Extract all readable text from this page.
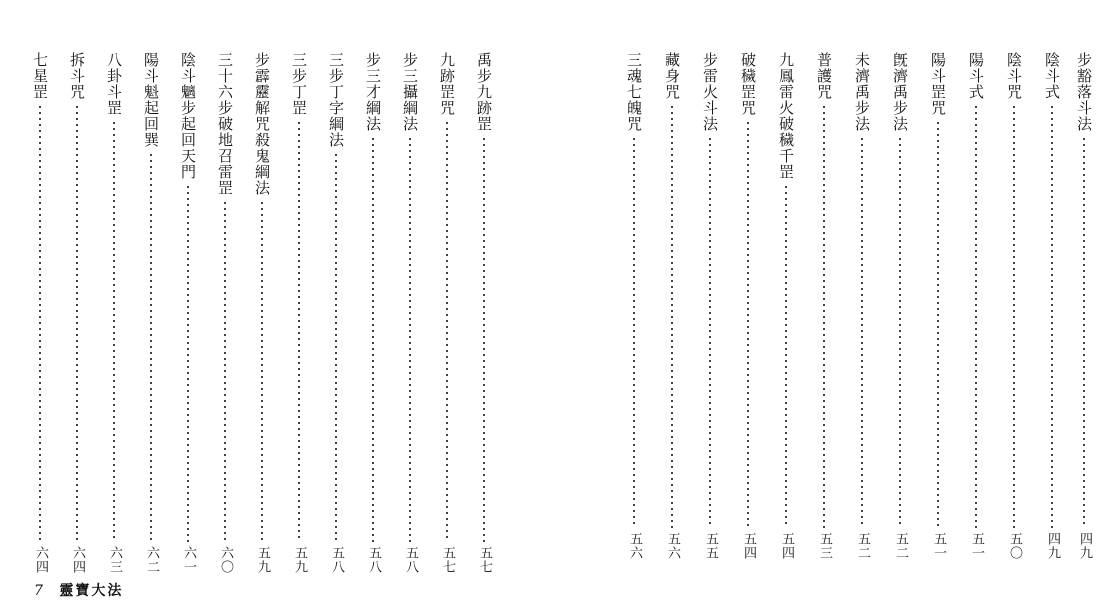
七星罡
六四
拆斗咒
六四
八卦斗罡
六三
陽斗魁起回巽
六二
陰斗魑步起回天門
六一
三十六步破地召雷罡
六〇
步霹靂解咒殺鬼綱法
五九
三步丁罡
五九
三步丁字綱法
五八
步三才綱法
五八
步三攝綱法
五八
九跡罡咒
五七
禹步九跡罡
五七
7 靈寶大法
三魂七魄咒
五六
藏身咒
五六
步雷火斗法
五五
破穢罡咒
五四
九鳳雷火破穢千罡
五四
普護咒
五三
未濟禹步法
五二
旣濟禹步法
五二
陽斗罡咒
五一
陽斗式
五一
陰斗咒
五〇
陰斗式
四九
步豁落斗法
四九
